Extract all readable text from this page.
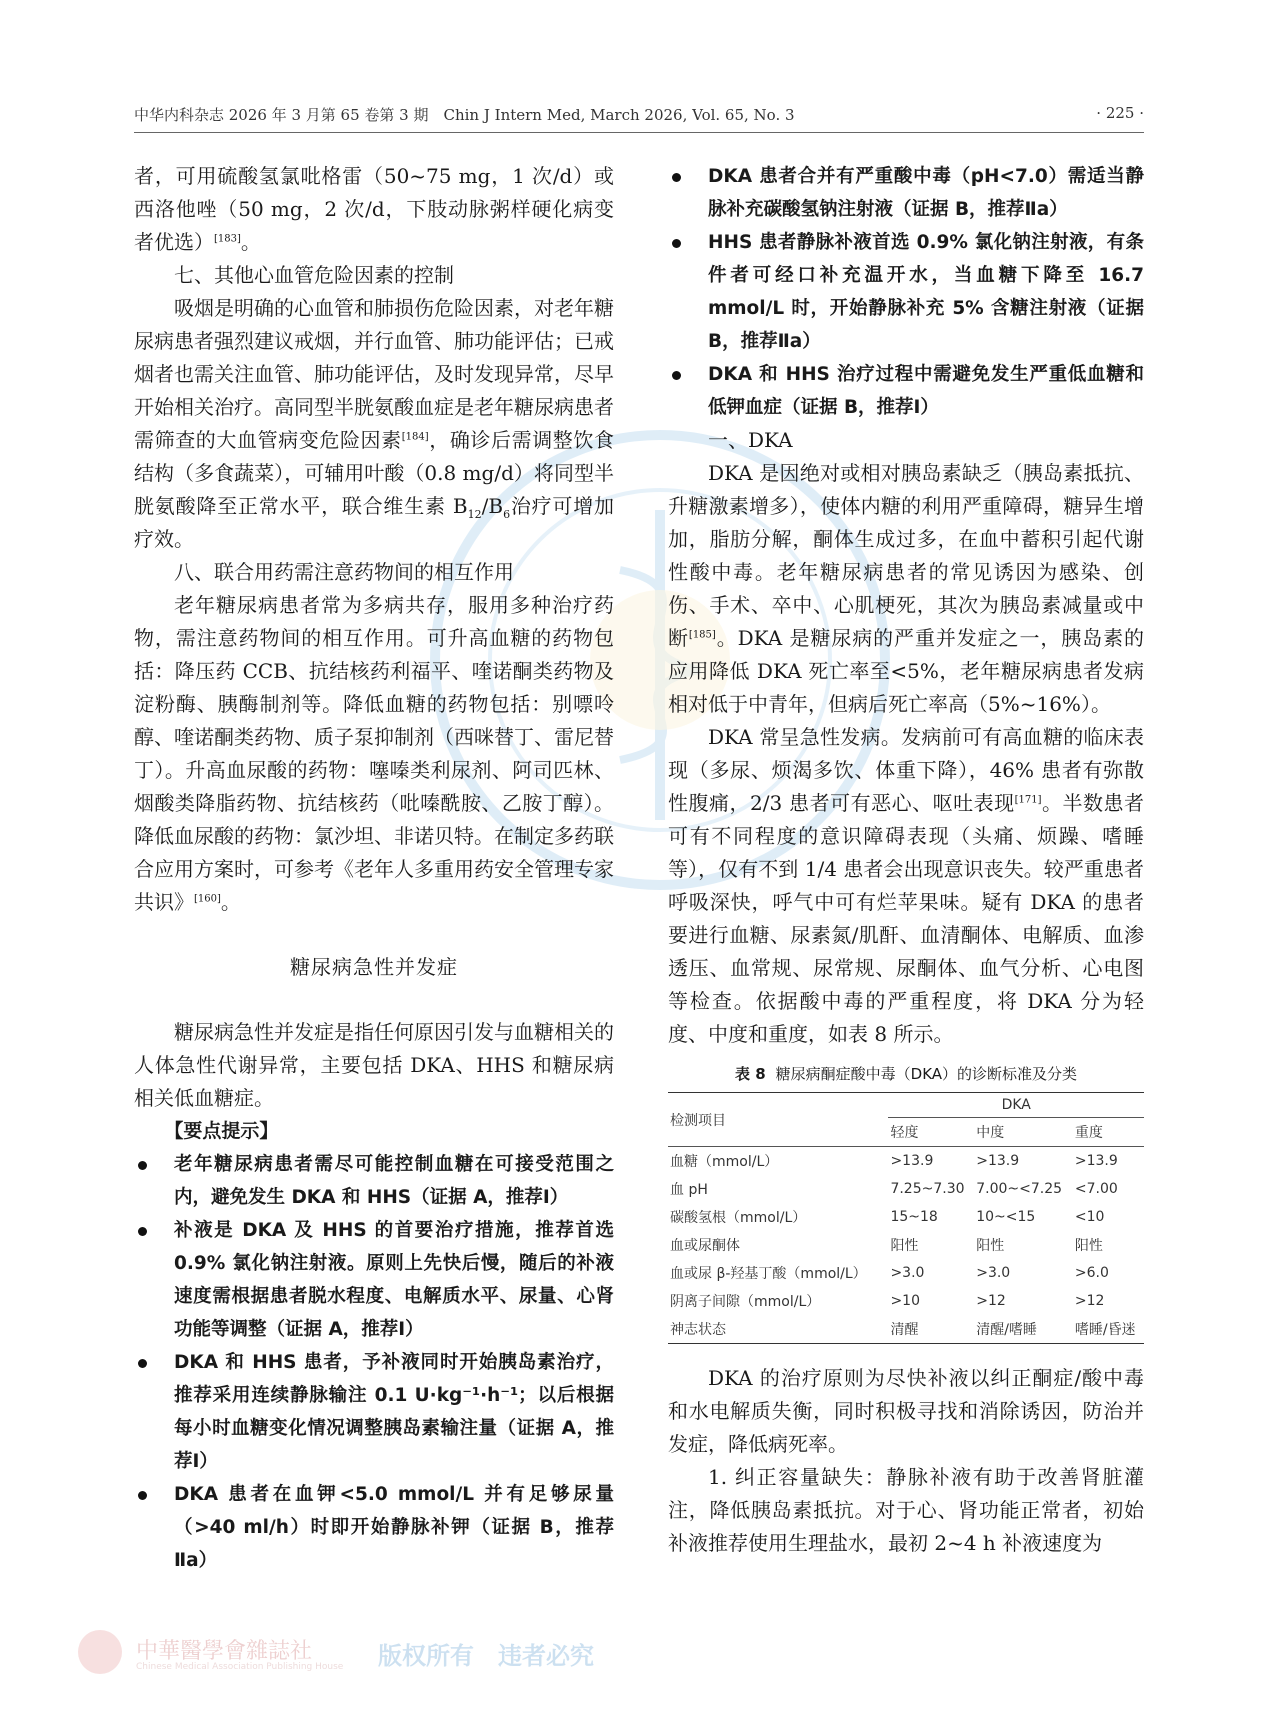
中华内科杂志 2026 年 3 月第 65 卷第 3 期　Chin J Intern Med, March 2026, Vol. 65, No. 3	· 225 ·

者，可用硫酸氢氯吡格雷（50~75 mg，1 次/d）或西洛他唑（50 mg，2 次/d，下肢动脉粥样硬化病变者优选）[183]。

七、其他心血管危险因素的控制

吸烟是明确的心血管和肺损伤危险因素，对老年糖尿病患者强烈建议戒烟，并行血管、肺功能评估；已戒烟者也需关注血管、肺功能评估，及时发现异常，尽早开始相关治疗。高同型半胱氨酸血症是老年糖尿病患者需筛查的大血管病变危险因素[184]，确诊后需调整饮食结构（多食蔬菜），可辅用叶酸（0.8 mg/d）将同型半胱氨酸降至正常水平，联合维生素 $B_{12}/B_6$治疗可增加疗效。

八、联合用药需注意药物间的相互作用

老年糖尿病患者常为多病共存，服用多种治疗药物，需注意药物间的相互作用。可升高血糖的药物包括：降压药 CCB、抗结核药利福平、喹诺酮类药物及淀粉酶、胰酶制剂等。降低血糖的药物包括：别嘌呤醇、喹诺酮类药物、质子泵抑制剂（西咪替丁、雷尼替丁）。升高血尿酸的药物：噻嗪类利尿剂、阿司匹林、烟酸类降脂药物、抗结核药（吡嗪酰胺、乙胺丁醇）。降低血尿酸的药物：氯沙坦、非诺贝特。在制定多药联合应用方案时，可参考《老年人多重用药安全管理专家共识》[160]。

糖尿病急性并发症

糖尿病急性并发症是指任何原因引发与血糖相关的人体急性代谢异常，主要包括 DKA、HHS 和糖尿病相关低血糖症。

【要点提示】

老年糖尿病患者需尽可能控制血糖在可接受范围之内，避免发生 DKA 和 HHS（证据 A，推荐Ⅰ）
补液是 DKA 及 HHS 的首要治疗措施，推荐首选 0.9% 氯化钠注射液。原则上先快后慢，随后的补液速度需根据患者脱水程度、电解质水平、尿量、心肾功能等调整（证据 A，推荐Ⅰ）
DKA 和 HHS 患者，予补液同时开始胰岛素治疗，推荐采用连续静脉输注 0.1 U·kg⁻¹·h⁻¹；以后根据每小时血糖变化情况调整胰岛素输注量（证据 A，推荐Ⅰ）
DKA 患者在血钾<5.0 mmol/L 并有足够尿量（>40 ml/h）时即开始静脉补钾（证据 B，推荐Ⅱa）
DKA 患者合并有严重酸中毒（pH<7.0）需适当静脉补充碳酸氢钠注射液（证据 B，推荐Ⅱa）
HHS 患者静脉补液首选 0.9% 氯化钠注射液，有条件者可经口补充温开水，当血糖下降至 16.7 mmol/L 时，开始静脉补充 5% 含糖注射液（证据 B，推荐Ⅱa）
DKA 和 HHS 治疗过程中需避免发生严重低血糖和低钾血症（证据 B，推荐Ⅰ）

一、DKA

DKA 是因绝对或相对胰岛素缺乏（胰岛素抵抗、升糖激素增多），使体内糖的利用严重障碍，糖异生增加，脂肪分解，酮体生成过多，在血中蓄积引起代谢性酸中毒。老年糖尿病患者的常见诱因为感染、创伤、手术、卒中、心肌梗死，其次为胰岛素减量或中断[185]。DKA 是糖尿病的严重并发症之一，胰岛素的应用降低 DKA 死亡率至<5%，老年糖尿病患者发病相对低于中青年，但病后死亡率高（5%~16%）。

DKA 常呈急性发病。发病前可有高血糖的临床表现（多尿、烦渴多饮、体重下降），46% 患者有弥散性腹痛，2/3 患者可有恶心、呕吐表现[171]。半数患者可有不同程度的意识障碍表现（头痛、烦躁、嗜睡等），仅有不到 1/4 患者会出现意识丧失。较严重患者呼吸深快，呼气中可有烂苹果味。疑有 DKA 的患者要进行血糖、尿素氮/肌酐、血清酮体、电解质、血渗透压、血常规、尿常规、尿酮体、血气分析、心电图等检查。依据酸中毒的严重程度，将 DKA 分为轻度、中度和重度，如表 8 所示。

表 8 糖尿病酮症酸中毒（DKA）的诊断标准及分类
检测项目	DKA		
	轻度	中度	重度
血糖（mmol/L）	>13.9	>13.9	>13.9
血 pH	7.25~7.30	7.00~<7.25	<7.00
碳酸氢根（mmol/L）	15~18	10~<15	<10
血或尿酮体	阳性	阳性	阳性
血或尿 β-羟基丁酸（mmol/L）	>3.0	>3.0	>6.0
阴离子间隙（mmol/L）	>10	>12	>12
神志状态	清醒	清醒/嗜睡	嗜睡/昏迷

DKA 的治疗原则为尽快补液以纠正酮症/酸中毒和水电解质失衡，同时积极寻找和消除诱因，防治并发症，降低病死率。

1. 纠正容量缺失：静脉补液有助于改善肾脏灌注，降低胰岛素抵抗。对于心、肾功能正常者，初始补液推荐使用生理盐水，最初 2~4 h 补液速度为

中華醫學會雜誌社
Chinese Medical Association Publishing House 版权所有　违者必究
